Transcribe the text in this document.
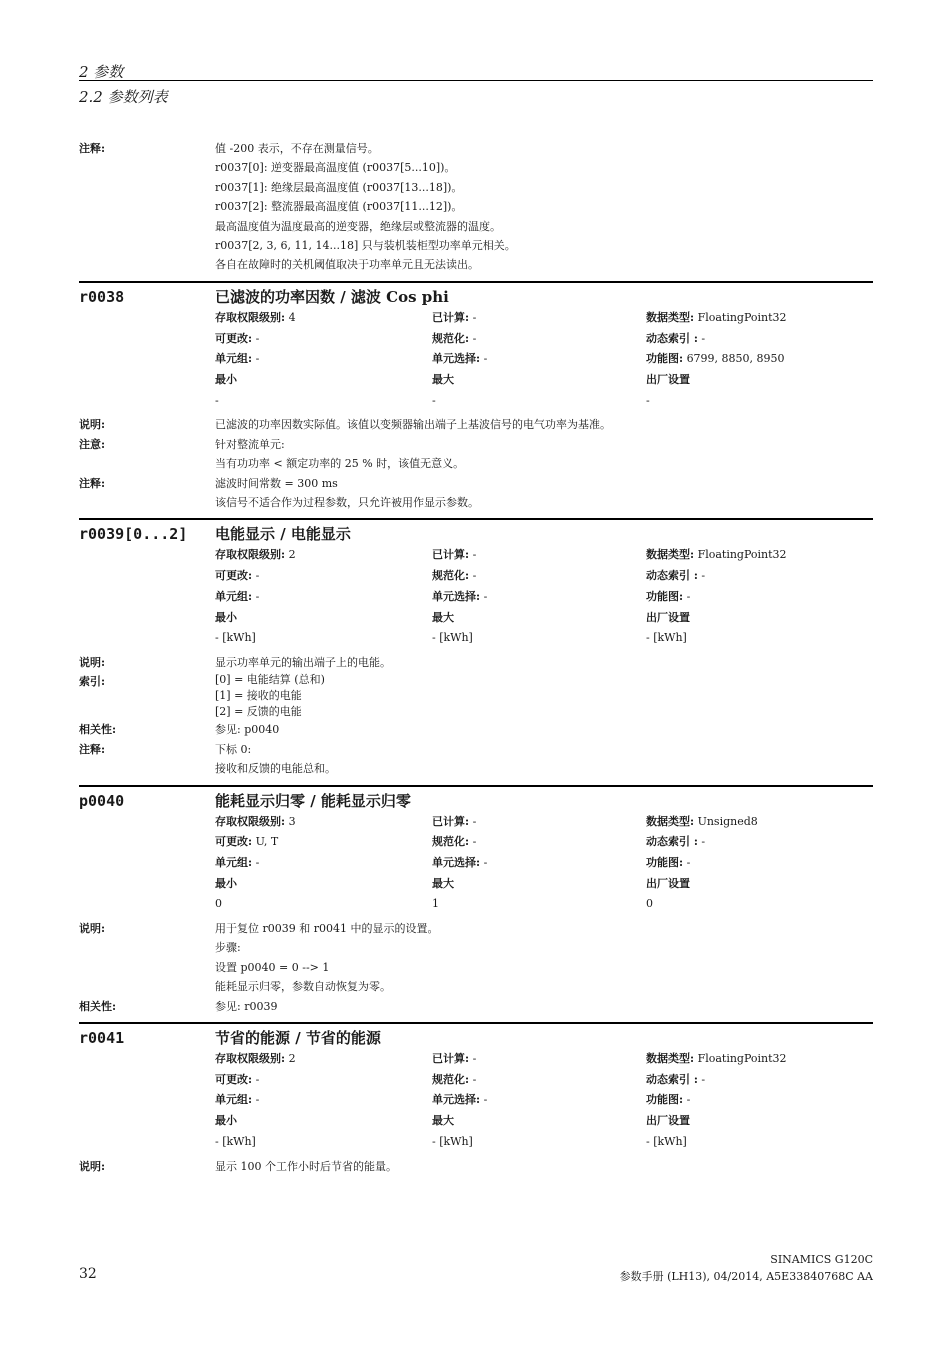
2 参数
2.2 参数列表
注释:	值 -200 表示，不存在测量信号。
r0037[0]: 逆变器最高温度值 (r0037[5...10])。
r0037[1]: 绝缘层最高温度值 (r0037[13...18])。
r0037[2]: 整流器最高温度值 (r0037[11...12])。
最高温度值为温度最高的逆变器，绝缘层或整流器的温度。
r0037[2, 3, 6, 11, 14...18] 只与装机装柜型功率单元相关。
各自在故障时的关机阈值取决于功率单元且无法读出。
r0038	已滤波的功率因数 / 滤波 Cos phi
存取权限级别: 4	已计算: -	数据类型: FloatingPoint32
可更改: -	规范化: -	动态索引 : -
单元组: -	单元选择: -	功能图: 6799, 8850, 8950
最小	最大	出厂设置
-	-	-
说明:	已滤波的功率因数实际值。该值以变频器输出端子上基波信号的电气功率为基准。
注意:	针对整流单元:
当有功功率 < 额定功率的 25 % 时，该值无意义。
注释:	滤波时间常数 = 300 ms
该信号不适合作为过程参数，只允许被用作显示参数。
r0039[0...2]	电能显示 / 电能显示
存取权限级别: 2	已计算: -	数据类型: FloatingPoint32
可更改: -	规范化: -	动态索引 : -
单元组: -	单元选择: -	功能图: -
最小	最大	出厂设置
- [kWh]	- [kWh]	- [kWh]
说明:	显示功率单元的输出端子上的电能。
索引:	[0] = 电能结算 (总和)
[1] = 接收的电能
[2] = 反馈的电能
相关性:	参见: p0040
注释:	下标 0:
接收和反馈的电能总和。
p0040	能耗显示归零 / 能耗显示归零
存取权限级别: 3	已计算: -	数据类型: Unsigned8
可更改: U, T	规范化: -	动态索引 : -
单元组: -	单元选择: -	功能图: -
最小	最大	出厂设置
0	1	0
说明:	用于复位 r0039 和 r0041 中的显示的设置。
步骤:
设置 p0040 = 0 --> 1
能耗显示归零，参数自动恢复为零。
相关性:	参见: r0039
r0041	节省的能源 / 节省的能源
存取权限级别: 2	已计算: -	数据类型: FloatingPoint32
可更改: -	规范化: -	动态索引 : -
单元组: -	单元选择: -	功能图: -
最小	最大	出厂设置
- [kWh]	- [kWh]	- [kWh]
说明:	显示 100 个工作小时后节省的能量。
32
SINAMICS G120C
参数手册 (LH13), 04/2014, A5E33840768C AA
